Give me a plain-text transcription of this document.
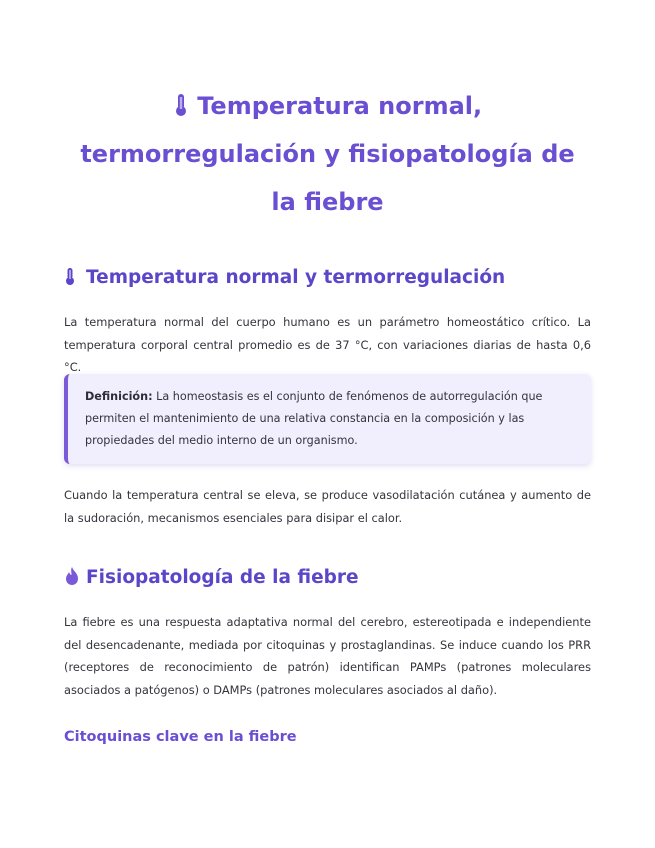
Temperatura normal, termorregulación y fisiopatología de la fiebre
Temperatura normal y termorregulación

La temperatura normal del cuerpo humano es un parámetro homeostático crítico. La temperatura corporal central promedio es de 37 °C, con variaciones diarias de hasta 0,6 °C.

Definición: La homeostasis es el conjunto de fenómenos de autorregulación que permiten el mantenimiento de una relativa constancia en la composición y las propiedades del medio interno de un organismo.

Cuando la temperatura central se eleva, se produce vasodilatación cutánea y aumento de la sudoración, mecanismos esenciales para disipar el calor.

Fisiopatología de la fiebre

La fiebre es una respuesta adaptativa normal del cerebro, estereotipada e independiente del desencadenante, mediada por citoquinas y prostaglandinas. Se induce cuando los PRR (receptores de reconocimiento de patrón) identifican PAMPs (patrones moleculares asociados a patógenos) o DAMPs (patrones moleculares asociados al daño).

Citoquinas clave en la fiebre
